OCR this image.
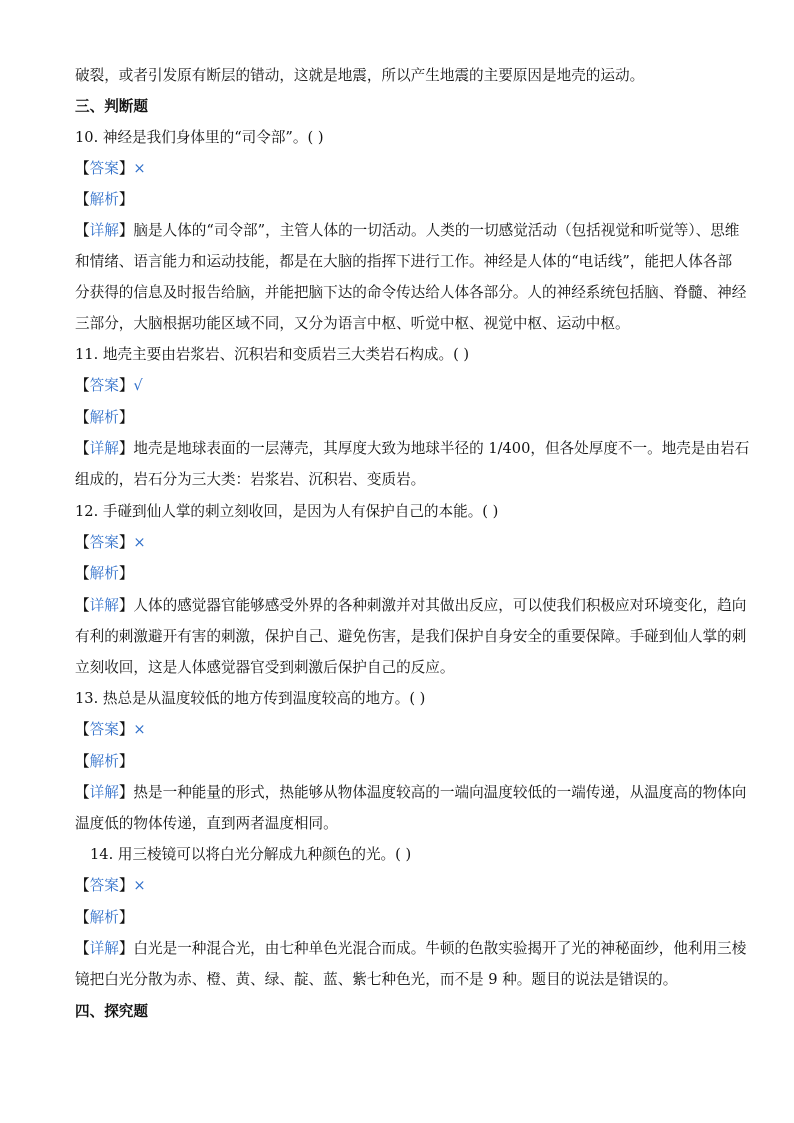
破裂，或者引发原有断层的错动，这就是地震，所以产生地震的主要原因是地壳的运动。
三、判断题
10. 神经是我们身体里的“司令部”。( )
【答案】×
【解析】
【详解】脑是人体的“司令部”，主管人体的一切活动。人类的一切感觉活动（包括视觉和听觉等）、思维
和情绪、语言能力和运动技能，都是在大脑的指挥下进行工作。神经是人体的“电话线”，能把人体各部
分获得的信息及时报告给脑，并能把脑下达的命令传达给人体各部分。人的神经系统包括脑、脊髓、神经
三部分，大脑根据功能区域不同，又分为语言中枢、听觉中枢、视觉中枢、运动中枢。
11. 地壳主要由岩浆岩、沉积岩和变质岩三大类岩石构成。( )
【答案】√
【解析】
【详解】地壳是地球表面的一层薄壳，其厚度大致为地球半径的 1/400，但各处厚度不一。地壳是由岩石
组成的，岩石分为三大类：岩浆岩、沉积岩、变质岩。
12. 手碰到仙人掌的刺立刻收回，是因为人有保护自己的本能。( )
【答案】×
【解析】
【详解】人体的感觉器官能够感受外界的各种刺激并对其做出反应，可以使我们积极应对环境变化，趋向
有利的刺激避开有害的刺激，保护自己、避免伤害，是我们保护自身安全的重要保障。手碰到仙人掌的刺
立刻收回，这是人体感觉器官受到刺激后保护自己的反应。
13. 热总是从温度较低的地方传到温度较高的地方。( )
【答案】×
【解析】
【详解】热是一种能量的形式，热能够从物体温度较高的一端向温度较低的一端传递，从温度高的物体向
温度低的物体传递，直到两者温度相同。
14. 用三棱镜可以将白光分解成九种颜色的光。( )
【答案】×
【解析】
【详解】白光是一种混合光，由七种单色光混合而成。牛顿的色散实验揭开了光的神秘面纱，他利用三棱
镜把白光分散为赤、橙、黄、绿、靛、蓝、紫七种色光，而不是 9 种。题目的说法是错误的。
四、探究题
